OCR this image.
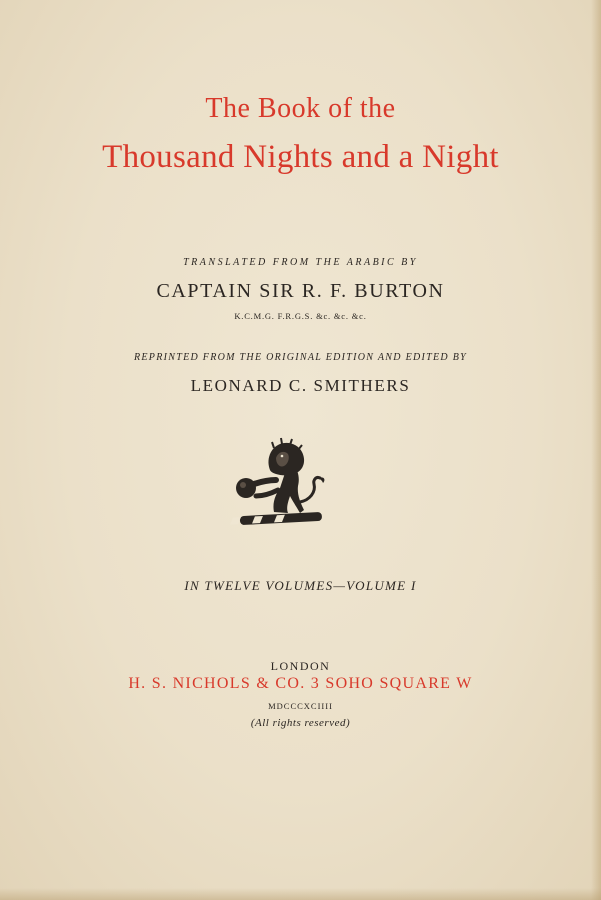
The Book of the
Thousand Nights and a Night
TRANSLATED FROM THE ARABIC BY
CAPTAIN SIR R. F. BURTON
K.C.M.G. F.R.G.S. &c. &c. &c.
REPRINTED FROM THE ORIGINAL EDITION AND EDITED BY
LEONARD C. SMITHERS
IN TWELVE VOLUMES—VOLUME I
LONDON
H. S. NICHOLS & CO. 3 SOHO SQUARE W
MDCCCXCIIII
(All rights reserved)
